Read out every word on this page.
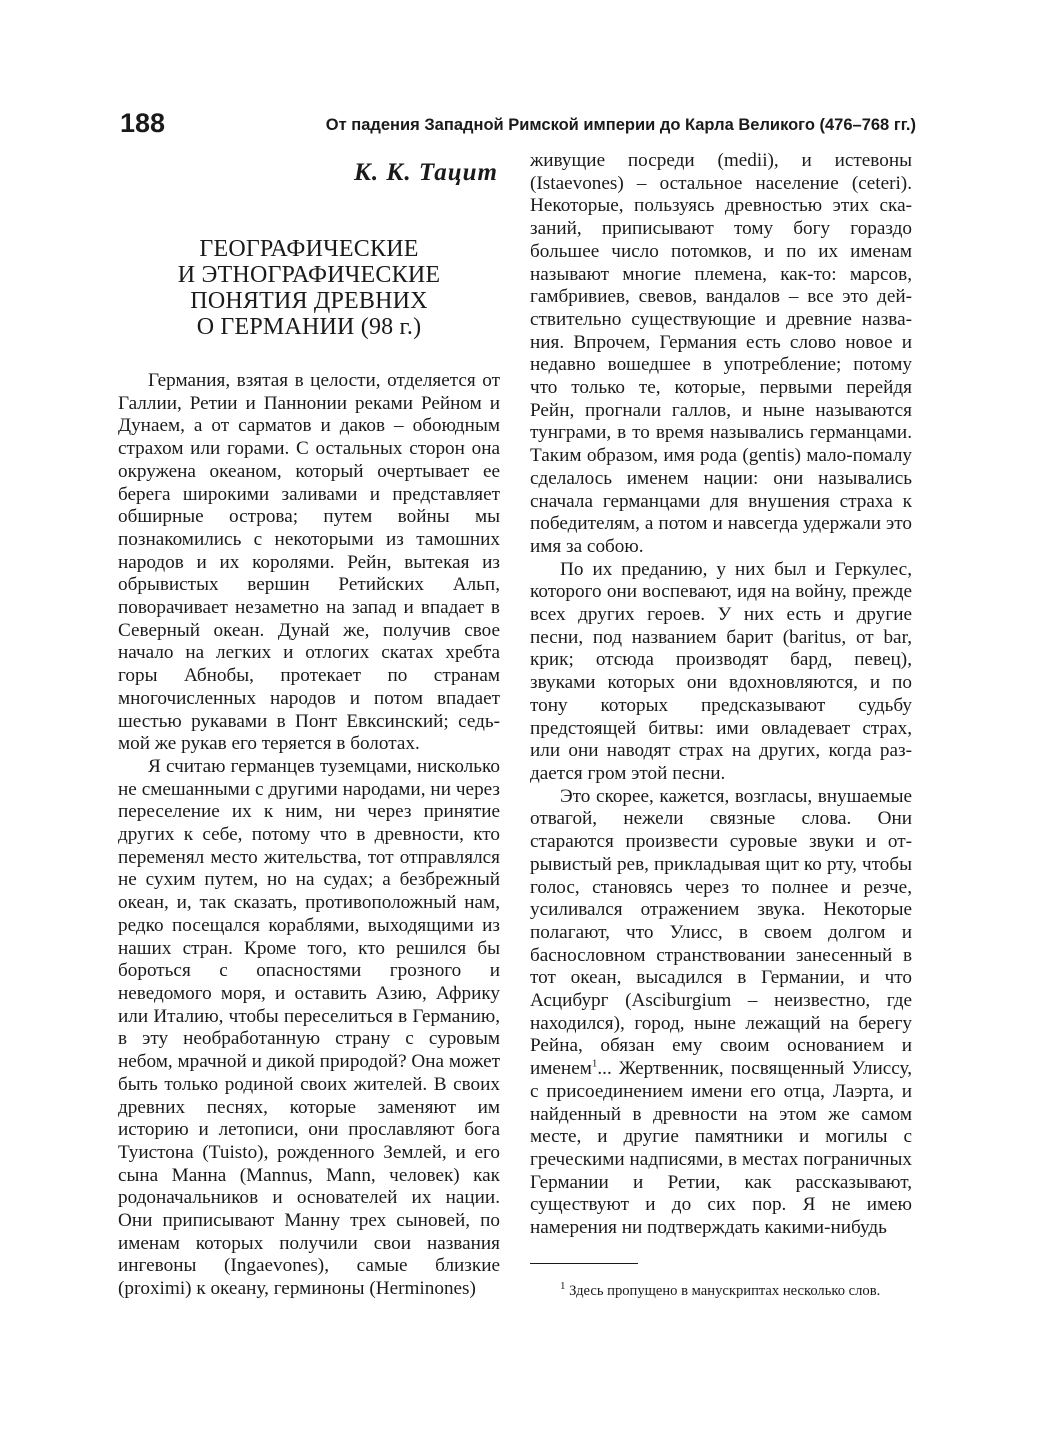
188	От падения Западной Римской империи до Карла Великого (476–768 гг.)
К. К. Тацит
ГЕОГРАФИЧЕСКИЕ
И ЭТНОГРАФИЧЕСКИЕ
ПОНЯТИЯ ДРЕВНИХ
О ГЕРМАНИИ (98 г.)

Германия, взятая в целости, отделяется от Галлии, Ретии и Паннонии реками Рейном и Дунаем, а от сарматов и даков – обоюдным страхом или горами. С остальных сторон она окружена океаном, который очертывает ее берега широкими заливами и представляет обширные острова; путем войны мы познакомились с некоторыми из тамошних народов и их королями. Рейн, вытекая из обрывистых вершин Ретийских Альп, поворачивает незаметно на запад и впадает в Северный океан. Дунай же, получив свое начало на легких и отлогих скатах хребта горы Абнобы, протекает по странам многочисленных народов и потом впадает шестью рукавами в Понт Евксинский; седьмой же рукав его теряется в болотах.

Я считаю германцев туземцами, нисколько не смешанными с другими народами, ни через переселение их к ним, ни через принятие других к себе, потому что в древности, кто переменял место жительства, тот отправлялся не сухим путем, но на судах; а безбрежный океан, и, так сказать, противоположный нам, редко посещался кораблями, выходящими из наших стран. Кроме того, кто решился бы бороться с опасностями грозного и неведомого моря, и оставить Азию, Африку или Италию, чтобы переселиться в Германию, в эту необработанную страну с суровым небом, мрачной и дикой природой? Она может быть только родиной своих жителей. В своих древних песнях, которые заменяют им историю и летописи, они прославляют бога Туистона (Tuisto), рожденного Землей, и его сына Манна (Mannus, Mann, человек) как родоначальников и основателей их нации. Они приписывают Манну трех сыновей, по именам которых получили свои названия ингевоны (Ingaevones), самые близкие (proximi) к океану, герминоны (Herminones)

живущие посреди (medii), и истевоны (Istaevones) – остальное население (ceteri). Некоторые, пользуясь древностью этих сказаний, приписывают тому богу гораздо большее число потомков, и по их именам называют многие племена, как-то: марсов, гамбривиев, свевов, вандалов – все это действительно существующие и древние названия. Впрочем, Германия есть слово новое и недавно вошедшее в употребление; потому что только те, которые, первыми перейдя Рейн, прогнали галлов, и ныне называются тунграми, в то время назывались германцами. Таким образом, имя рода (gentis) мало-помалу сделалось именем нации: они назывались сначала германцами для внушения страха к победителям, а потом и навсегда удержали это имя за собою.

По их преданию, у них был и Геркулес, которого они воспевают, идя на войну, прежде всех других героев. У них есть и другие песни, под названием барит (baritus, от bar, крик; отсюда производят бард, певец), звуками которых они вдохновляются, и по тону которых предсказывают судьбу предстоящей битвы: ими овладевает страх, или они наводят страх на других, когда раздается гром этой песни.

Это скорее, кажется, возгласы, внушаемые отвагой, нежели связные слова. Они стараются произвести суровые звуки и отрывистый рев, прикладывая щит ко рту, чтобы голос, становясь через то полнее и резче, усиливался отражением звука. Некоторые полагают, что Улисс, в своем долгом и баснословном странствовании занесенный в тот океан, высадился в Германии, и что Асцибург (Asciburgium – неизвестно, где находился), город, ныне лежащий на берегу Рейна, обязан ему своим основанием и именем$^1$... Жертвенник, посвященный Улиссу, с присоединением имени его отца, Лаэрта, и найденный в древности на этом же самом месте, и другие памятники и могилы с греческими надписями, в местах пограничных Германии и Ретии, как рассказывают, существуют и до сих пор. Я не имею намерения ни подтверждать какими-нибудь

$^1$ Здесь пропущено в манускриптах несколько слов.
